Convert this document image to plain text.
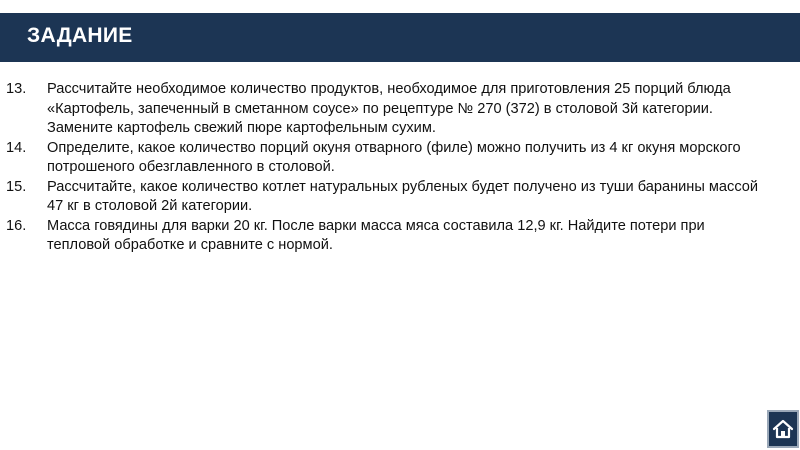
ЗАДАНИЕ
13.	Рассчитайте необходимое количество продуктов, необходимое для приготовления 25 порций блюда «Картофель, запеченный в сметанном соусе» по рецептуре № 270 (372) в столовой 3й категории. Замените картофель свежий пюре картофельным сухим.
14.	Определите, какое количество порций окуня отварного (филе) можно получить из 4 кг окуня морского потрошеного обезглавленного в столовой.
15.	Рассчитайте, какое количество котлет натуральных рубленых будет получено из туши баранины массой 47 кг в столовой 2й категории.
16.	Масса говядины для варки 20 кг. После варки масса мяса составила 12,9 кг. Найдите потери при тепловой обработке и сравните с нормой.
